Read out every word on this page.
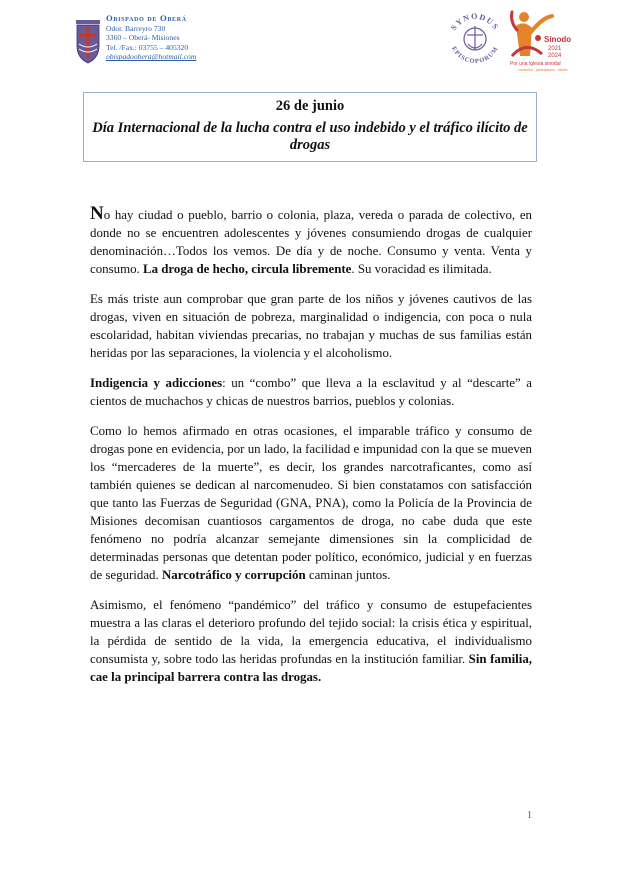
Obispado de Oberá
Odor. Barreyro 730
3360 – Oberá- Misiones
Tel. /Fax.: 03755 – 405320
obispadoobera@hotmail.com
SYNODUS
EPISCOPORUM
Sínodo
2021
2024
Por una Iglesia sinodal
comunión · participación · misión
26 de junio
Día Internacional de la lucha contra el uso indebido y el tráfico ilícito de drogas

No hay ciudad o pueblo, barrio o colonia, plaza, vereda o parada de colectivo, en donde no se encuentren adolescentes y jóvenes consumiendo drogas de cualquier denominación…Todos los vemos. De día y de noche. Consumo y venta. Venta y consumo. La droga de hecho, circula libremente. Su voracidad es ilimitada.

Es más triste aun comprobar que gran parte de los niños y jóvenes cautivos de las drogas, viven en situación de pobreza, marginalidad o indigencia, con poca o nula escolaridad, habitan viviendas precarias, no trabajan y muchas de sus familias están heridas por las separaciones, la violencia y el alcoholismo.

Indigencia y adicciones: un “combo” que lleva a la esclavitud y al “descarte” a cientos de muchachos y chicas de nuestros barrios, pueblos y colonias.

Como lo hemos afirmado en otras ocasiones, el imparable tráfico y consumo de drogas pone en evidencia, por un lado, la facilidad e impunidad con la que se mueven los “mercaderes de la muerte”, es decir, los grandes narcotraficantes, como así también quienes se dedican al narcomenudeo. Si bien constatamos con satisfacción que tanto las Fuerzas de Seguridad (GNA, PNA), como la Policía de la Provincia de Misiones decomisan cuantiosos cargamentos de droga, no cabe duda que este fenómeno no podría alcanzar semejante dimensiones sin la complicidad de determinadas personas que detentan poder político, económico, judicial y en fuerzas de seguridad. Narcotráfico y corrupción caminan juntos.

Asimismo, el fenómeno “pandémico” del tráfico y consumo de estupefacientes muestra a las claras el deterioro profundo del tejido social: la crisis ética y espiritual, la pérdida de sentido de la vida, la emergencia educativa, el individualismo consumista y, sobre todo las heridas profundas en la institución familiar. Sin familia, cae la principal barrera contra las drogas.

1
